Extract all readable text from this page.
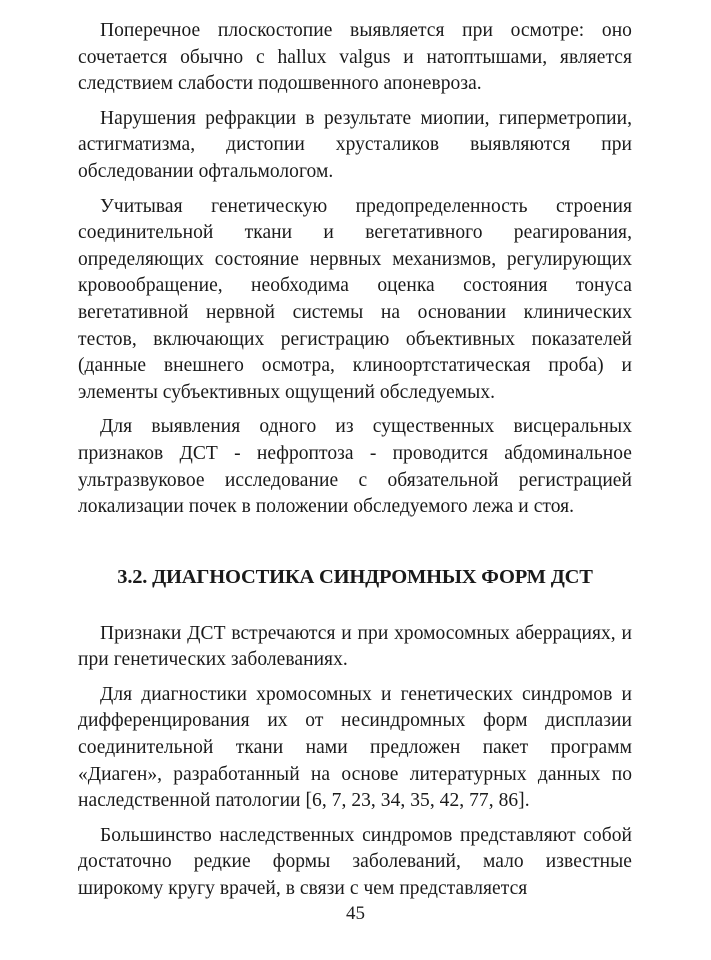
Поперечное плоскостопие выявляется при осмотре: оно сочетается обычно с hallux valgus и натоптышами, является следствием слабости подошвенного апоневроза.

Нарушения рефракции в результате миопии, гиперметропии, астигматизма, дистопии хрусталиков выявляются при обследовании офтальмологом.

Учитывая генетическую предопределенность строения соединительной ткани и вегетативного реагирования, определяющих состояние нервных механизмов, регулирующих кровообращение, необходима оценка состояния тонуса вегетативной нервной системы на основании клинических тестов, включающих регистрацию объективных показателей (данные внешнего осмотра, клиноортстатическая проба) и элементы субъективных ощущений обследуемых.

Для выявления одного из существенных висцеральных признаков ДСТ - нефроптоза - проводится абдоминальное ультразвуковое исследование с обязательной регистрацией локализации почек в положении обследуемого лежа и стоя.

3.2. ДИАГНОСТИКА СИНДРОМНЫХ ФОРМ ДСТ

Признаки ДСТ встречаются и при хромосомных аберрациях, и при генетических заболеваниях.

Для диагностики хромосомных и генетических синдромов и дифференцирования их от несиндромных форм дисплазии соединительной ткани нами предложен пакет программ «Диаген», разработанный на основе литературных данных по наследственной патологии [6, 7, 23, 34, 35, 42, 77, 86].

Большинство наследственных синдромов представляют собой достаточно редкие формы заболеваний, мало известные широкому кругу врачей, в связи с чем представляется

45
